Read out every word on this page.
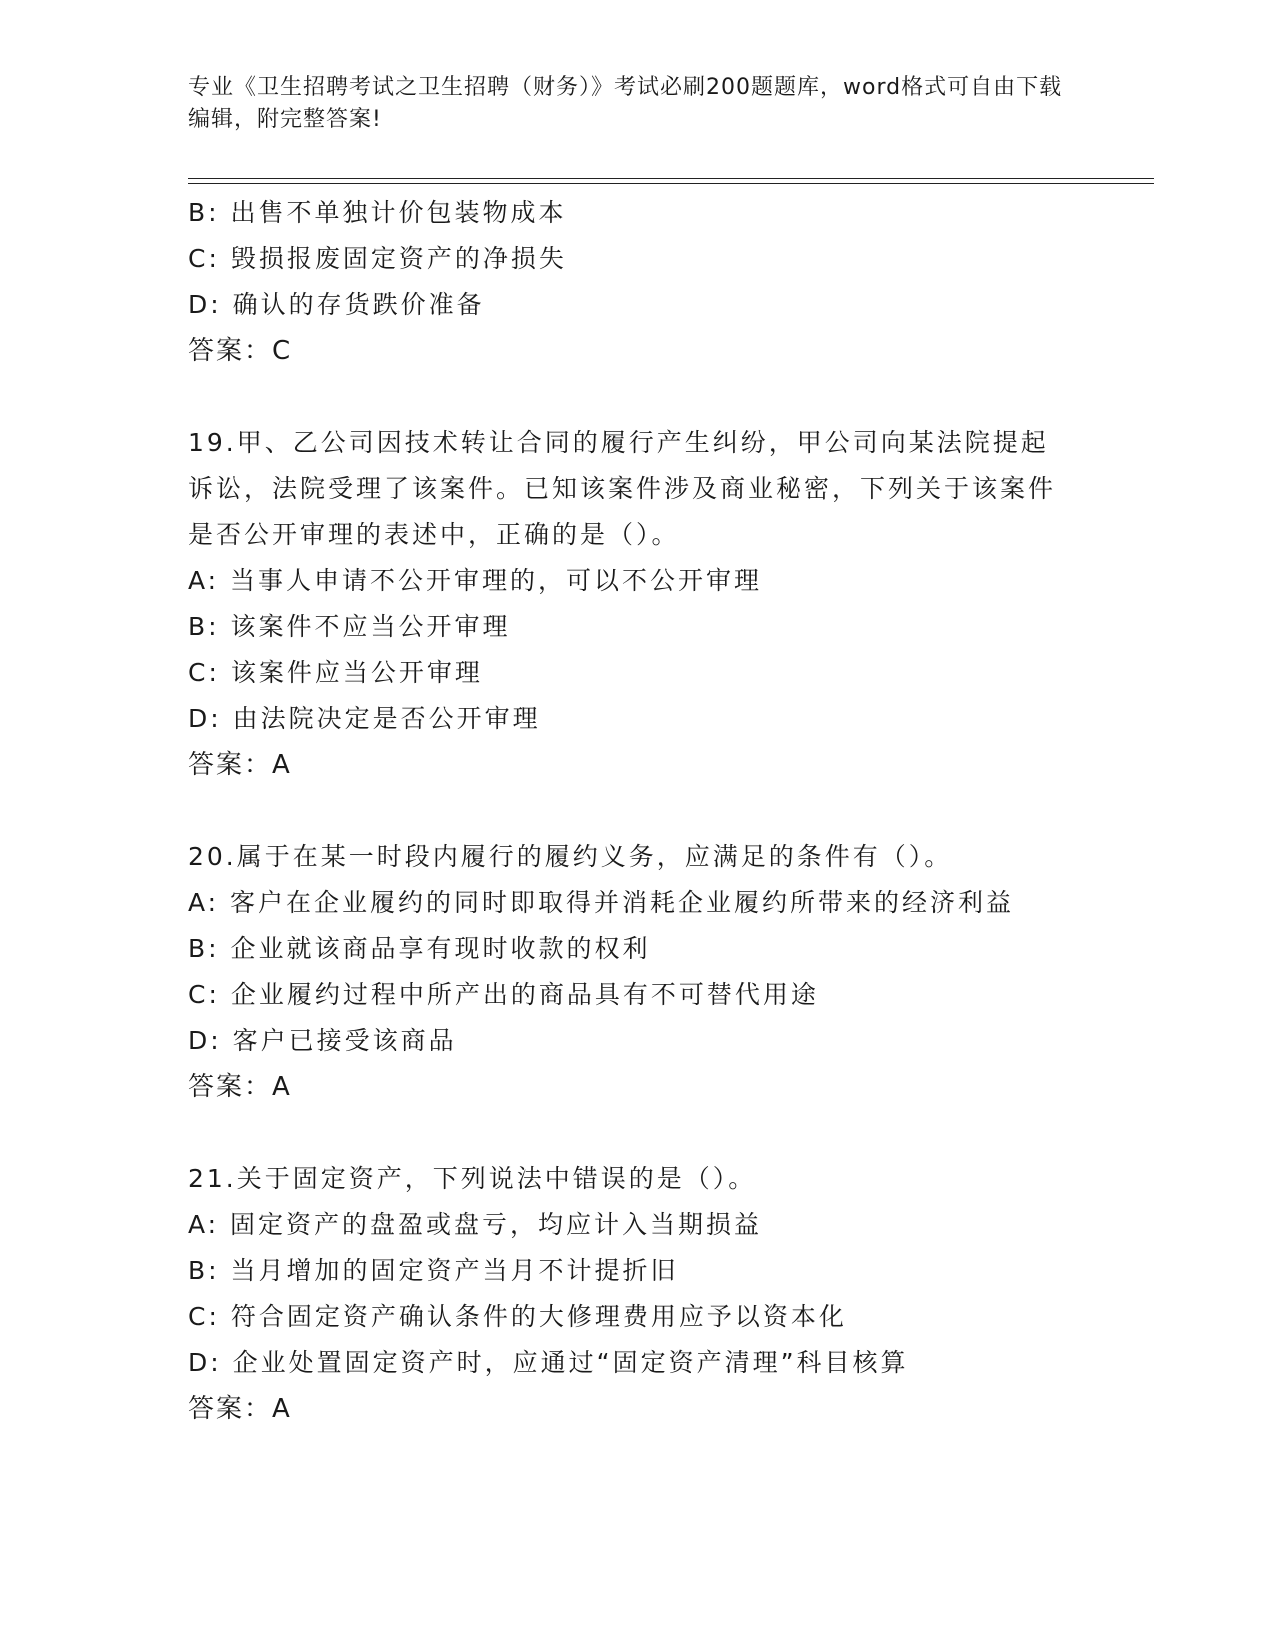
专业《卫生招聘考试之卫生招聘（财务）》考试必刷200题题库，word格式可自由下载编辑，附完整答案!
B: 出售不单独计价包装物成本
C: 毁损报废固定资产的净损失
D: 确认的存货跌价准备
答案：C
19.甲、乙公司因技术转让合同的履行产生纠纷，甲公司向某法院提起诉讼，法院受理了该案件。已知该案件涉及商业秘密，下列关于该案件是否公开审理的表述中，正确的是（）。
A: 当事人申请不公开审理的，可以不公开审理
B: 该案件不应当公开审理
C: 该案件应当公开审理
D: 由法院决定是否公开审理
答案：A
20.属于在某一时段内履行的履约义务，应满足的条件有（）。
A: 客户在企业履约的同时即取得并消耗企业履约所带来的经济利益
B: 企业就该商品享有现时收款的权利
C: 企业履约过程中所产出的商品具有不可替代用途
D: 客户已接受该商品
答案：A
21.关于固定资产，下列说法中错误的是（）。
A: 固定资产的盘盈或盘亏，均应计入当期损益
B: 当月增加的固定资产当月不计提折旧
C: 符合固定资产确认条件的大修理费用应予以资本化
D: 企业处置固定资产时，应通过“固定资产清理”科目核算
答案：A
